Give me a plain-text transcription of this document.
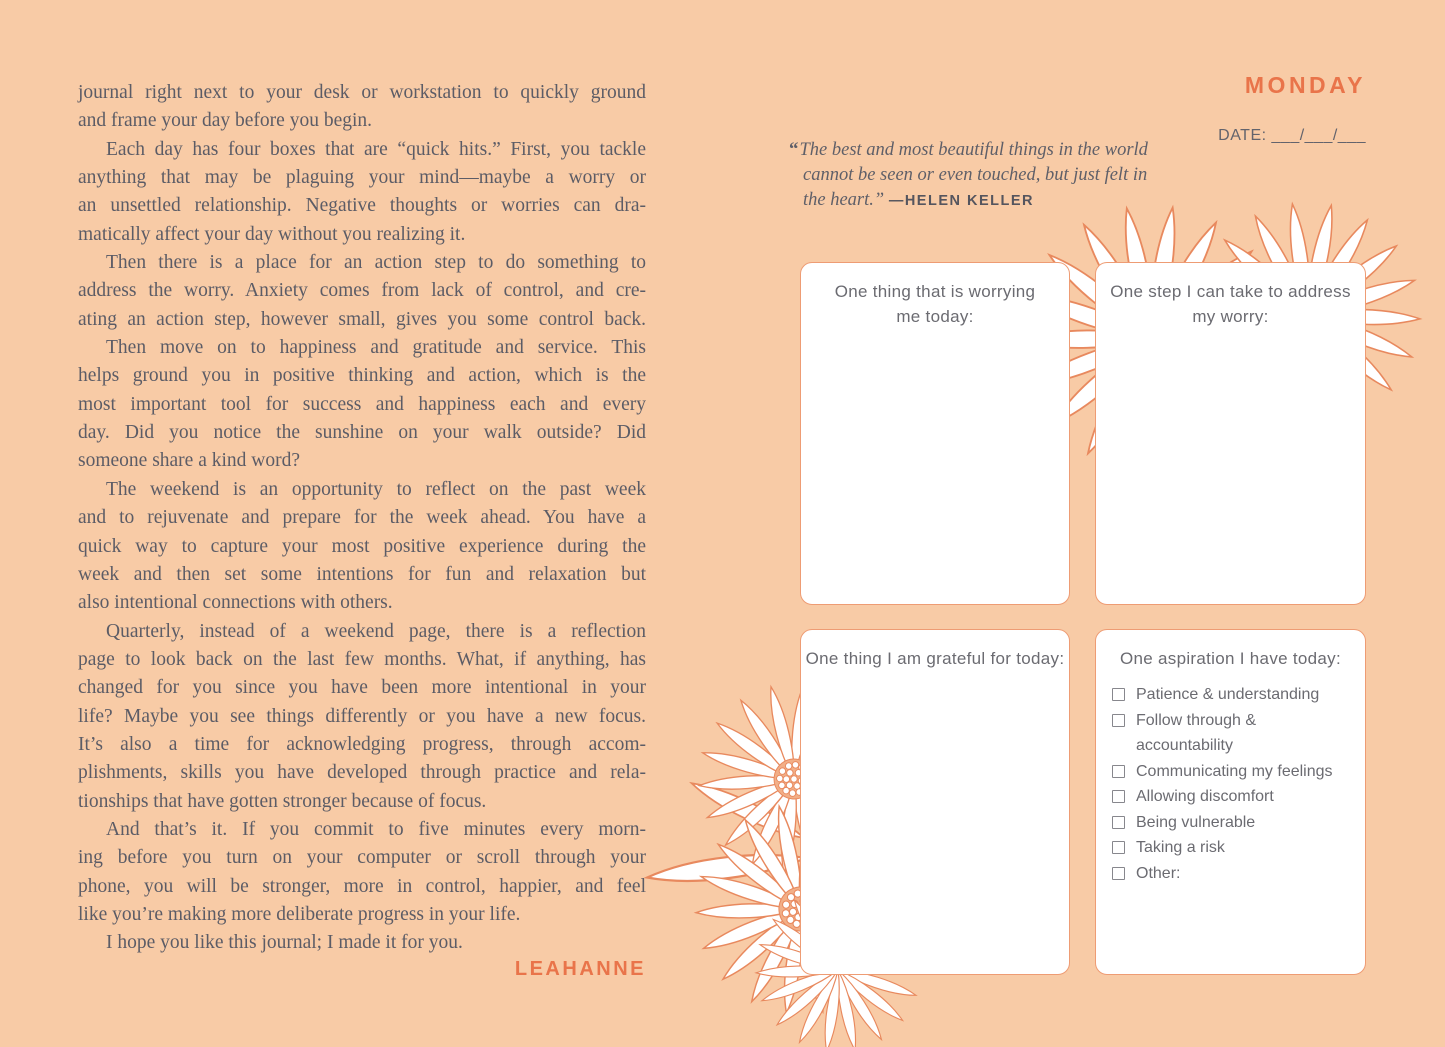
journal right next to your desk or workstation to quickly ground
and frame your day before you begin.
Each day has four boxes that are “quick hits.” First, you tackle
anything that may be plaguing your mind—maybe a worry or
an unsettled relationship. Negative thoughts or worries can dra-
matically affect your day without you realizing it.
Then there is a place for an action step to do something to
address the worry. Anxiety comes from lack of control, and cre-
ating an action step, however small, gives you some control back.
Then move on to happiness and gratitude and service. This
helps ground you in positive thinking and action, which is the
most important tool for success and happiness each and every
day. Did you notice the sunshine on your walk outside? Did
someone share a kind word?
The weekend is an opportunity to reflect on the past week
and to rejuvenate and prepare for the week ahead. You have a
quick way to capture your most positive experience during the
week and then set some intentions for fun and relaxation but
also intentional connections with others.
Quarterly, instead of a weekend page, there is a reflection
page to look back on the last few months. What, if anything, has
changed for you since you have been more intentional in your
life? Maybe you see things differently or you have a new focus.
It’s also a time for acknowledging progress, through accom-
plishments, skills you have developed through practice and rela-
tionships that have gotten stronger because of focus.
And that’s it. If you commit to five minutes every morn-
ing before you turn on your computer or scroll through your
phone, you will be stronger, more in control, happier, and feel
like you’re making more deliberate progress in your life.
I hope you like this journal; I made it for you.
LEAHANNE
MONDAY
DATE: ___/___/___
“The best and most beautiful things in the world
cannot be seen or even touched, but just felt in
the heart.” —HELEN KELLER
One thing that is worrying me today:
One step I can take to address my worry:
One thing I am grateful for today:	One aspiration I have today:
Patience & understanding
Follow through & accountability
Communicating my feelings
Allowing discomfort
Being vulnerable
Taking a risk
Other:
